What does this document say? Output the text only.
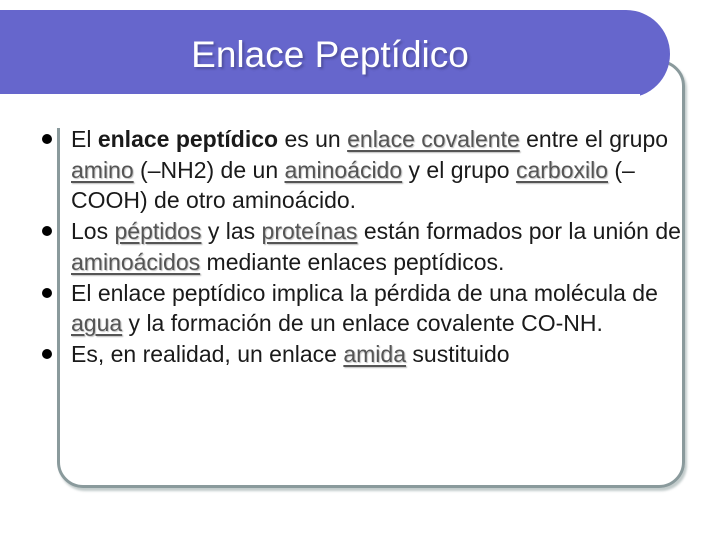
Enlace Peptídico
El enlace peptídico es un enlace covalente entre el grupo amino (–NH2) de un aminoácido y el grupo carboxilo (–COOH) de otro aminoácido.
Los péptidos y las proteínas están formados por la unión de aminoácidos mediante enlaces peptídicos.
El enlace peptídico implica la pérdida de una molécula de agua y la formación de un enlace covalente CO-NH.
Es, en realidad, un enlace amida sustituido
